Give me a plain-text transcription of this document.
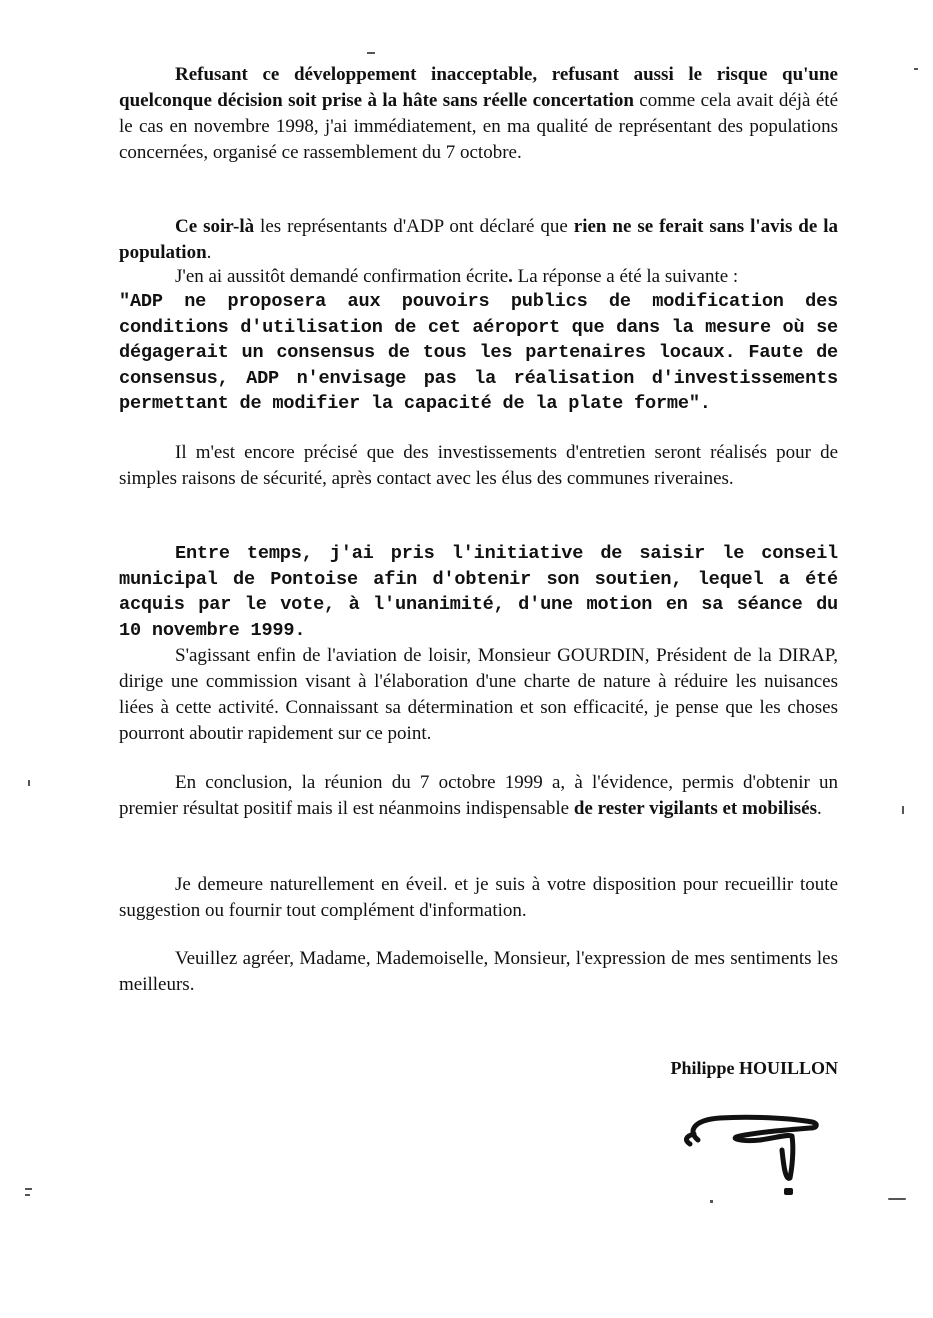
Refusant ce développement inacceptable, refusant aussi le risque qu'une quelconque décision soit prise à la hâte sans réelle concertation comme cela avait déjà été le cas en novembre 1998, j'ai immédiatement, en ma qualité de représentant des populations concernées, organisé ce rassemblement du 7 octobre.

Ce soir-là les représentants d'ADP ont déclaré que rien ne se ferait sans l'avis de la population.

J'en ai aussitôt demandé confirmation écrite. La réponse a été la suivante :

"ADP ne proposera aux pouvoirs publics de modification des conditions d'utilisation de cet aéroport que dans la mesure où se dégagerait un consensus de tous les partenaires locaux. Faute de consensus, ADP n'envisage pas la réalisation d'investissements permettant de modifier la capacité de la plate forme".

Il m'est encore précisé que des investissements d'entretien seront réalisés pour de simples raisons de sécurité, après contact avec les élus des communes riveraines.

Entre temps, j'ai pris l'initiative de saisir le conseil municipal de Pontoise afin d'obtenir son soutien, lequel a été acquis par le vote, à l'unanimité, d'une motion en sa séance du 10 novembre 1999.

S'agissant enfin de l'aviation de loisir, Monsieur GOURDIN, Président de la DIRAP, dirige une commission visant à l'élaboration d'une charte de nature à réduire les nuisances liées à cette activité. Connaissant sa détermination et son efficacité, je pense que les choses pourront aboutir rapidement sur ce point.

En conclusion, la réunion du 7 octobre 1999 a, à l'évidence, permis d'obtenir un premier résultat positif mais il est néanmoins indispensable de rester vigilants et mobilisés.

Je demeure naturellement en éveil. et je suis à votre disposition pour recueillir toute suggestion ou fournir tout complément d'information.

Veuillez agréer, Madame, Mademoiselle, Monsieur, l'expression de mes sentiments les meilleurs.

Philippe HOUILLON
